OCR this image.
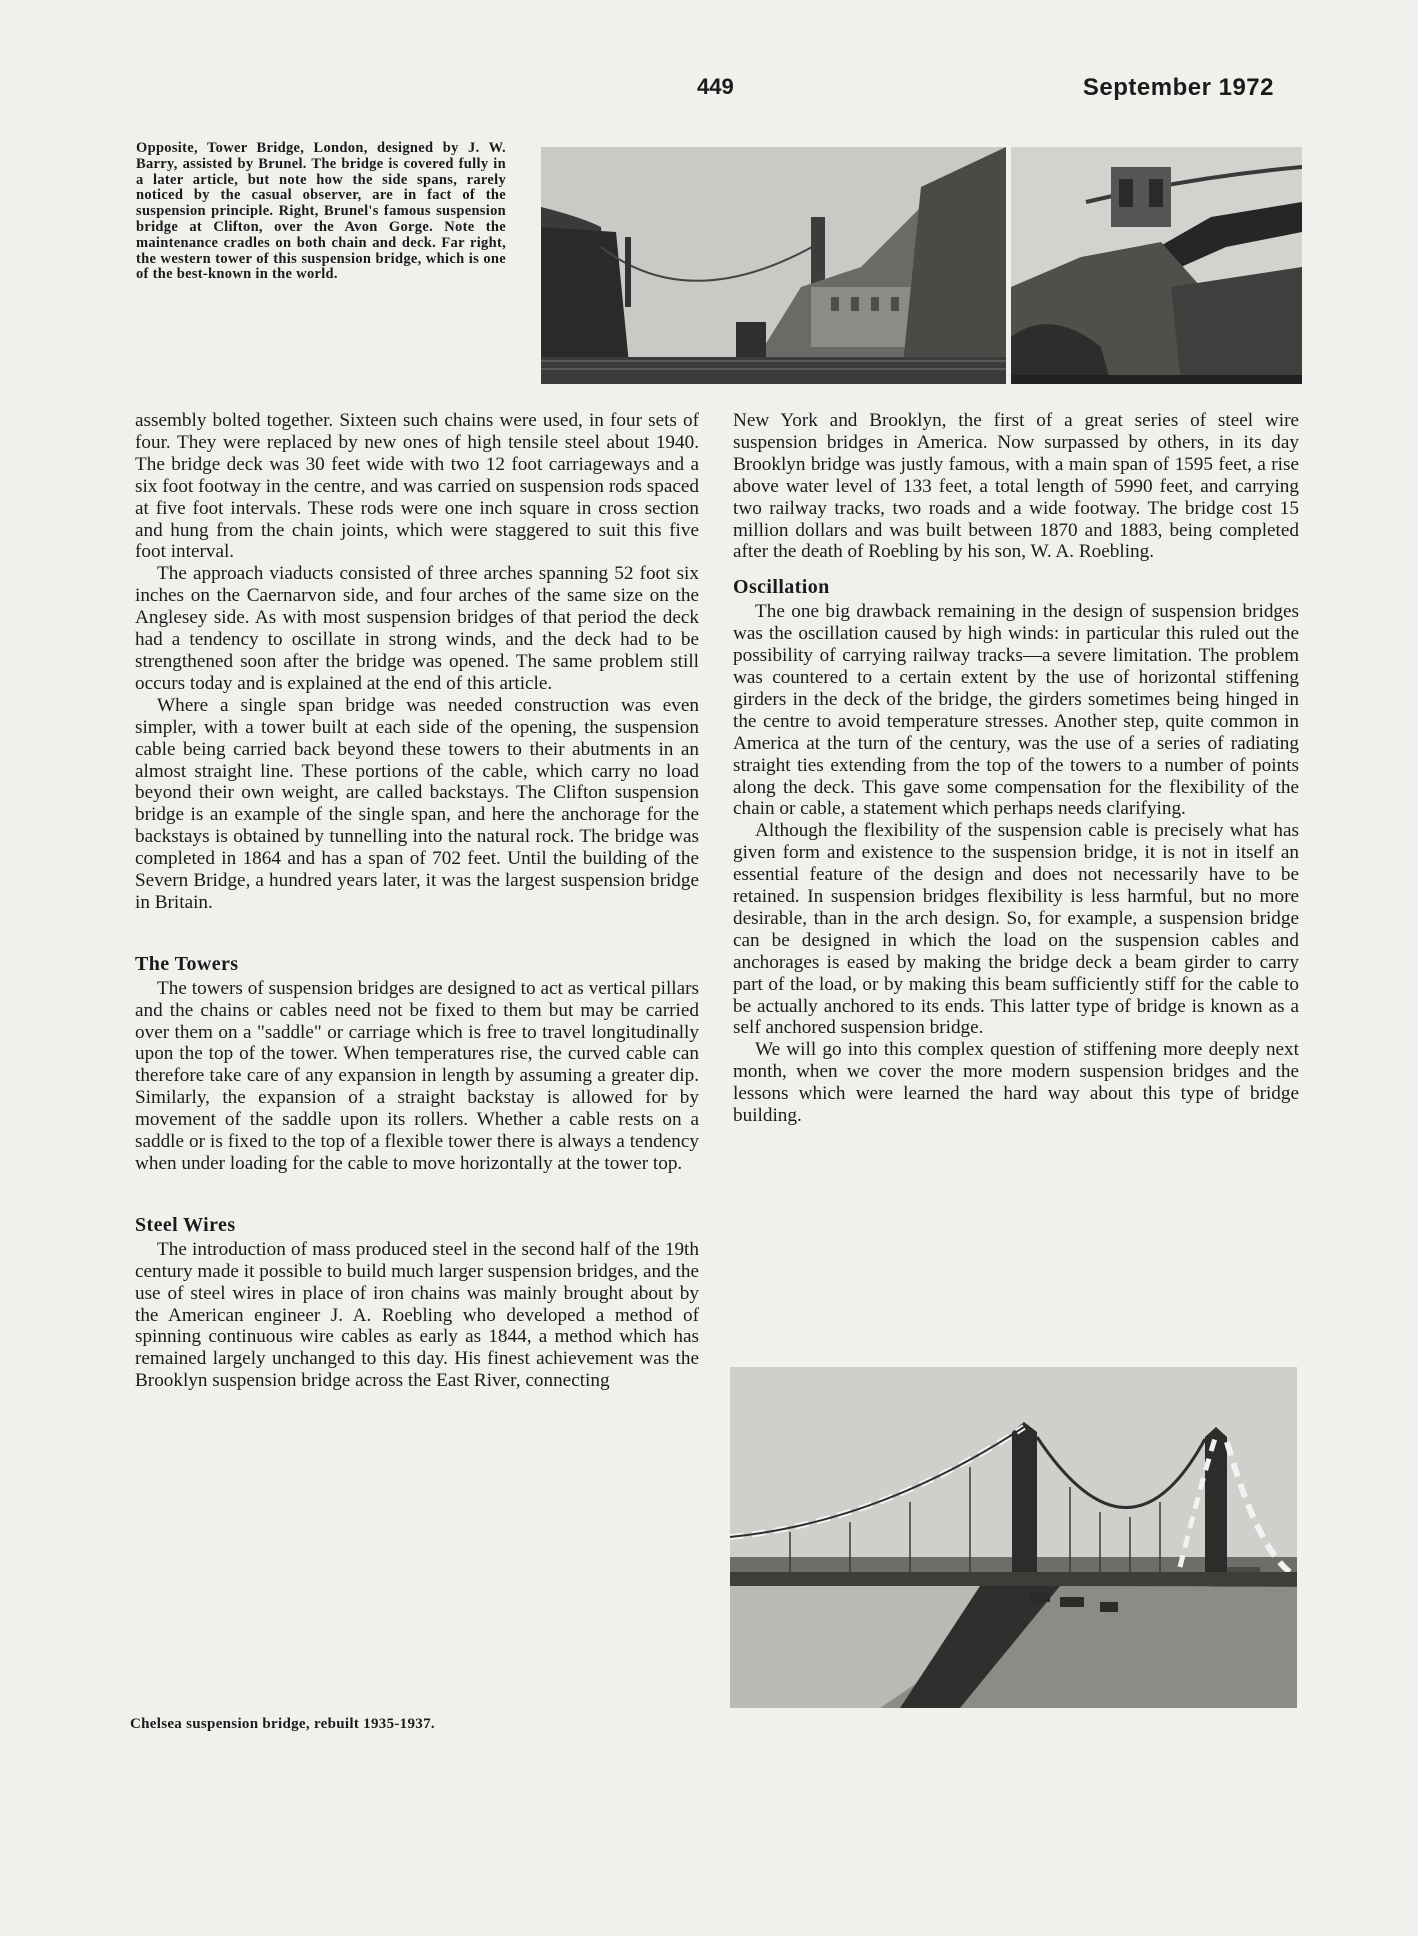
449	September 1972
Opposite, Tower Bridge, London, designed by J. W. Barry, assisted by Brunel. The bridge is covered fully in a later article, but note how the side spans, rarely noticed by the casual observer, are in fact of the suspension principle. Right, Brunel's famous suspension bridge at Clifton, over the Avon Gorge. Note the maintenance cradles on both chain and deck. Far right, the western tower of this suspension bridge, which is one of the best-known in the world.

assembly bolted together. Sixteen such chains were used, in four sets of four. They were replaced by new ones of high tensile steel about 1940. The bridge deck was 30 feet wide with two 12 foot carriageways and a six foot footway in the centre, and was carried on suspension rods spaced at five foot intervals. These rods were one inch square in cross section and hung from the chain joints, which were staggered to suit this five foot interval.

The approach viaducts consisted of three arches spanning 52 foot six inches on the Caernarvon side, and four arches of the same size on the Anglesey side. As with most suspension bridges of that period the deck had a tendency to oscillate in strong winds, and the deck had to be strengthened soon after the bridge was opened. The same problem still occurs today and is explained at the end of this article.

Where a single span bridge was needed construction was even simpler, with a tower built at each side of the opening, the suspension cable being carried back beyond these towers to their abutments in an almost straight line. These portions of the cable, which carry no load beyond their own weight, are called backstays. The Clifton suspension bridge is an example of the single span, and here the anchorage for the backstays is obtained by tunnelling into the natural rock. The bridge was completed in 1864 and has a span of 702 feet. Until the building of the Severn Bridge, a hundred years later, it was the largest suspension bridge in Britain.

The Towers

The towers of suspension bridges are designed to act as vertical pillars and the chains or cables need not be fixed to them but may be carried over them on a "saddle" or carriage which is free to travel longitudinally upon the top of the tower. When temperatures rise, the curved cable can therefore take care of any expansion in length by assuming a greater dip. Similarly, the expansion of a straight backstay is allowed for by movement of the saddle upon its rollers. Whether a cable rests on a saddle or is fixed to the top of a flexible tower there is always a tendency when under loading for the cable to move horizontally at the tower top.

Steel Wires

The introduction of mass produced steel in the second half of the 19th century made it possible to build much larger suspension bridges, and the use of steel wires in place of iron chains was mainly brought about by the American engineer J. A. Roebling who developed a method of spinning continuous wire cables as early as 1844, a method which has remained largely unchanged to this day. His finest achievement was the Brooklyn suspension bridge across the East River, connecting

New York and Brooklyn, the first of a great series of steel wire suspension bridges in America. Now surpassed by others, in its day Brooklyn bridge was justly famous, with a main span of 1595 feet, a rise above water level of 133 feet, a total length of 5990 feet, and carrying two railway tracks, two roads and a wide footway. The bridge cost 15 million dollars and was built between 1870 and 1883, being completed after the death of Roebling by his son, W. A. Roebling.

Oscillation

The one big drawback remaining in the design of suspension bridges was the oscillation caused by high winds: in particular this ruled out the possibility of carrying railway tracks—a severe limitation. The problem was countered to a certain extent by the use of horizontal stiffening girders in the deck of the bridge, the girders sometimes being hinged in the centre to avoid temperature stresses. Another step, quite common in America at the turn of the century, was the use of a series of radiating straight ties extending from the top of the towers to a number of points along the deck. This gave some compensation for the flexibility of the chain or cable, a statement which perhaps needs clarifying.

Although the flexibility of the suspension cable is precisely what has given form and existence to the suspension bridge, it is not in itself an essential feature of the design and does not necessarily have to be retained. In suspension bridges flexibility is less harmful, but no more desirable, than in the arch design. So, for example, a suspension bridge can be designed in which the load on the suspension cables and anchorages is eased by making the bridge deck a beam girder to carry part of the load, or by making this beam sufficiently stiff for the cable to be actually anchored to its ends. This latter type of bridge is known as a self anchored suspension bridge.

We will go into this complex question of stiffening more deeply next month, when we cover the more modern suspension bridges and the lessons which were learned the hard way about this type of bridge building.

Chelsea suspension bridge, rebuilt 1935-1937.
